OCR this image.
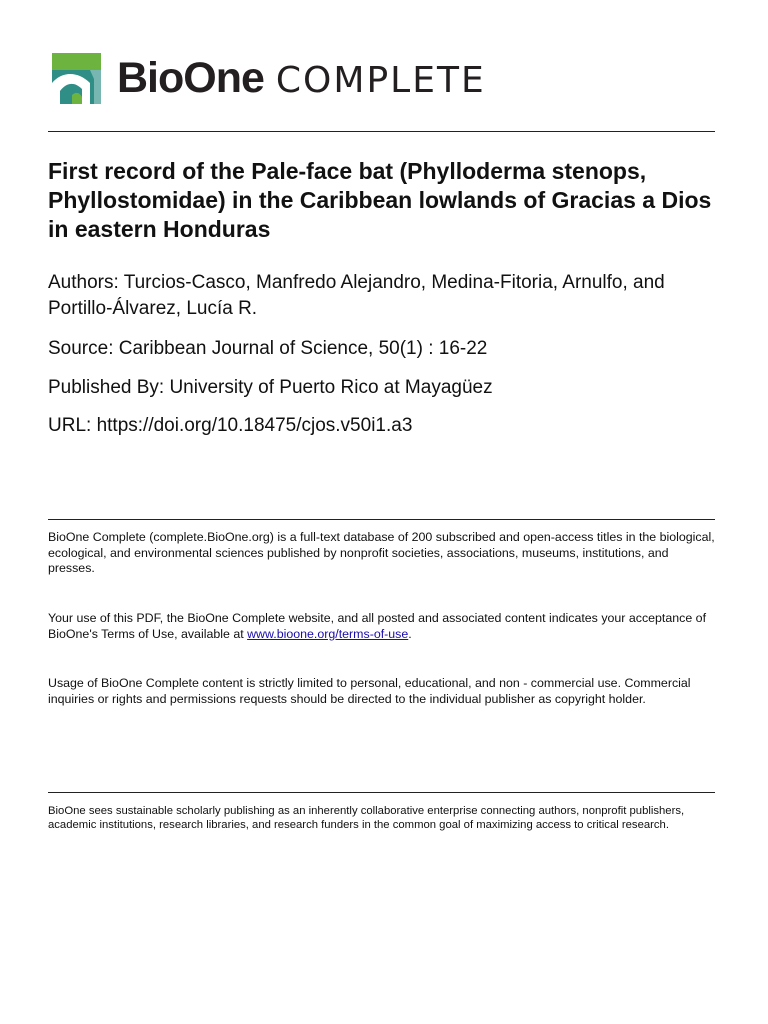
BioOne COMPLETE
First record of the Pale-face bat (Phylloderma stenops, Phyllostomidae) in the Caribbean lowlands of Gracias a Dios in eastern Honduras

Authors: Turcios-Casco, Manfredo Alejandro, Medina-Fitoria, Arnulfo, and Portillo-Álvarez, Lucía R.

Source: Caribbean Journal of Science, 50(1) : 16-22

Published By: University of Puerto Rico at Mayagüez

URL: https://doi.org/10.18475/cjos.v50i1.a3

BioOne Complete (complete.BioOne.org) is a full-text database of 200 subscribed and open-access titles in the biological, ecological, and environmental sciences published by nonprofit societies, associations, museums, institutions, and presses.

Your use of this PDF, the BioOne Complete website, and all posted and associated content indicates your acceptance of BioOne's Terms of Use, available at www.bioone.org/terms-of-use.

Usage of BioOne Complete content is strictly limited to personal, educational, and non - commercial use. Commercial inquiries or rights and permissions requests should be directed to the individual publisher as copyright holder.

BioOne sees sustainable scholarly publishing as an inherently collaborative enterprise connecting authors, nonprofit publishers, academic institutions, research libraries, and research funders in the common goal of maximizing access to critical research.
